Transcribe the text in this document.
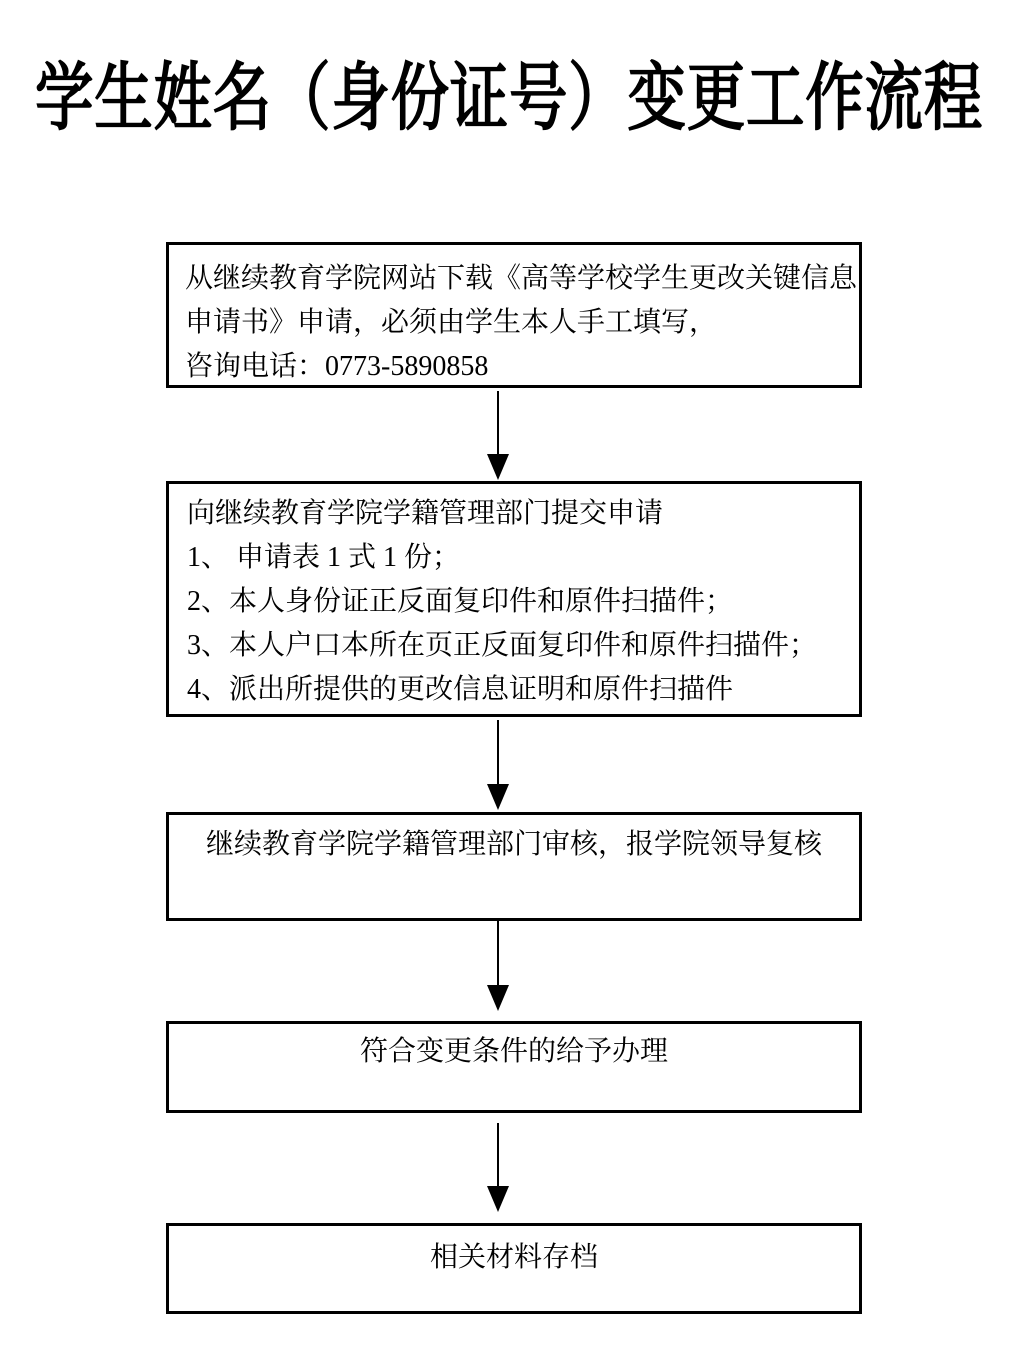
学生姓名（身份证号）变更工作流程
从继续教育学院网站下载《高等学校学生更改关键信息
申请书》申请，必须由学生本人手工填写，
咨询电话：0773-5890858
向继续教育学院学籍管理部门提交申请
1、 申请表 1 式 1 份；
2、本人身份证正反面复印件和原件扫描件；
3、本人户口本所在页正反面复印件和原件扫描件；
4、派出所提供的更改信息证明和原件扫描件
继续教育学院学籍管理部门审核，报学院领导复核
符合变更条件的给予办理
相关材料存档
